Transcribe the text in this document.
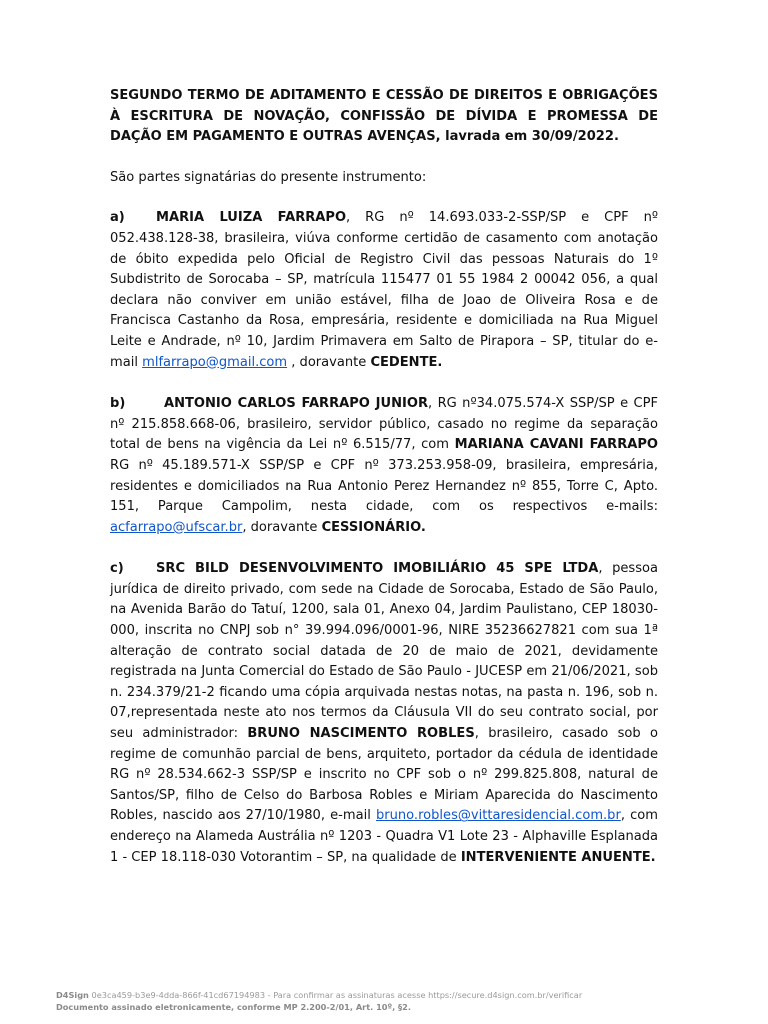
SEGUNDO TERMO DE ADITAMENTO E CESSÃO DE DIREITOS E OBRIGAÇÕES À ESCRITURA DE NOVAÇÃO, CONFISSÃO DE DÍVIDA E PROMESSA DE DAÇÃO EM PAGAMENTO E OUTRAS AVENÇAS, lavrada em 30/09/2022.

São partes signatárias do presente instrumento:

a) MARIA LUIZA FARRAPO, RG nº 14.693.033-2-SSP/SP e CPF nº 052.438.128-38, brasileira, viúva conforme certidão de casamento com anotação de óbito expedida pelo Oficial de Registro Civil das pessoas Naturais do 1º Subdistrito de Sorocaba – SP, matrícula 115477 01 55 1984 2 00042 056, a qual declara não conviver em união estável, filha de Joao de Oliveira Rosa e de Francisca Castanho da Rosa, empresária, residente e domiciliada na Rua Miguel Leite e Andrade, nº 10, Jardim Primavera em Salto de Pirapora – SP, titular do e-mail mlfarrapo@gmail.com , doravante CEDENTE.

b)	ANTONIO CARLOS FARRAPO JUNIOR, RG nº34.075.574-X SSP/SP e CPF nº 215.858.668-06, brasileiro, servidor público, casado no regime da separação total de bens na vigência da Lei nº 6.515/77, com MARIANA CAVANI FARRAPO RG nº 45.189.571-X SSP/SP e CPF nº 373.253.958-09, brasileira, empresária, residentes e domiciliados na Rua Antonio Perez Hernandez nº 855, Torre C, Apto. 151, Parque Campolim, nesta cidade, com os respectivos e-mails: acfarrapo@ufscar.br, doravante CESSIONÁRIO.

c) SRC BILD DESENVOLVIMENTO IMOBILIÁRIO 45 SPE LTDA, pessoa jurídica de direito privado, com sede na Cidade de Sorocaba, Estado de São Paulo, na Avenida Barão do Tatuí, 1200, sala 01, Anexo 04, Jardim Paulistano, CEP 18030-000, inscrita no CNPJ sob n° 39.994.096/0001-96, NIRE 35236627821 com sua 1ª alteração de contrato social datada de 20 de maio de 2021, devidamente registrada na Junta Comercial do Estado de São Paulo - JUCESP em 21/06/2021, sob n. 234.379/21-2 ficando uma cópia arquivada nestas notas, na pasta n. 196, sob n. 07,representada neste ato nos termos da Cláusula VII do seu contrato social, por seu administrador: BRUNO NASCIMENTO ROBLES, brasileiro, casado sob o regime de comunhão parcial de bens, arquiteto, portador da cédula de identidade RG nº 28.534.662-3 SSP/SP e inscrito no CPF sob o nº 299.825.808, natural de Santos/SP, filho de Celso do Barbosa Robles e Miriam Aparecida do Nascimento Robles, nascido aos 27/10/1980, e-mail bruno.robles@vittaresidencial.com.br, com endereço na Alameda Austrália nº 1203 - Quadra V1 Lote 23 - Alphaville Esplanada 1 - CEP 18.118-030 Votorantim – SP, na qualidade de INTERVENIENTE ANUENTE.

D4Sign 0e3ca459-b3e9-4dda-866f-41cd67194983 - Para confirmar as assinaturas acesse https://secure.d4sign.com.br/verificar
Documento assinado eletronicamente, conforme MP 2.200-2/01, Art. 10º, §2.
